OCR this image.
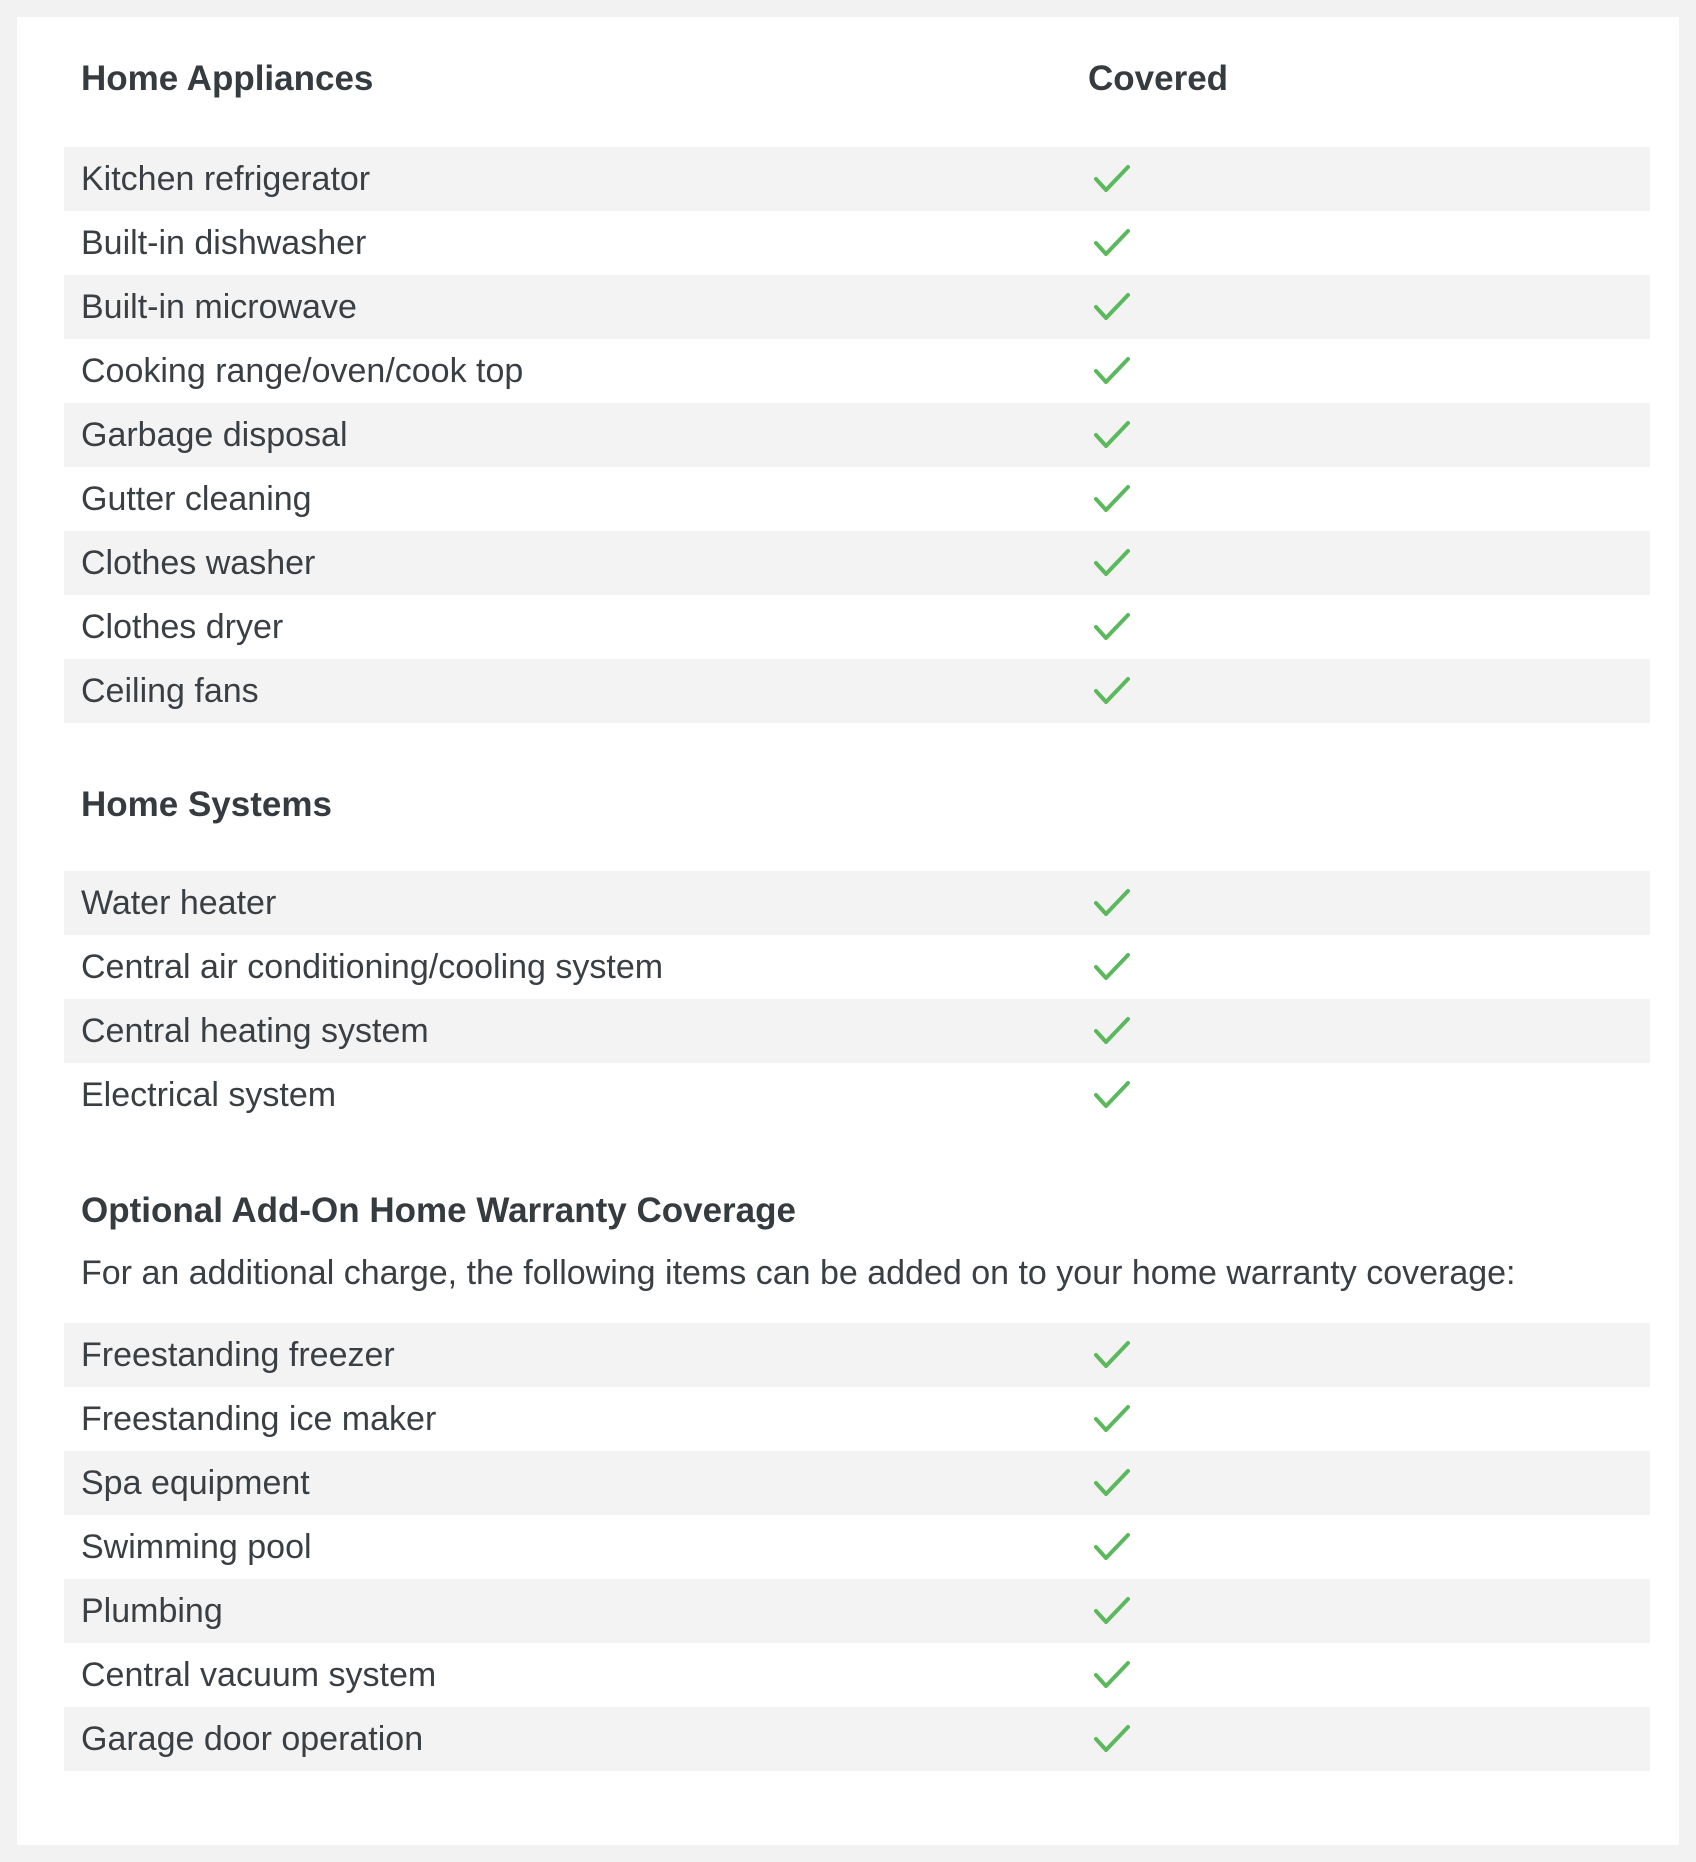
Home Appliances	Covered
Kitchen refrigerator
Built-in dishwasher
Built-in microwave
Cooking range/oven/cook top
Garbage disposal
Gutter cleaning
Clothes washer
Clothes dryer
Ceiling fans
Home Systems
Water heater
Central air conditioning/cooling system
Central heating system
Electrical system
Optional Add-On Home Warranty Coverage
For an additional charge, the following items can be added on to your home warranty coverage:
Freestanding freezer
Freestanding ice maker
Spa equipment
Swimming pool
Plumbing
Central vacuum system
Garage door operation
